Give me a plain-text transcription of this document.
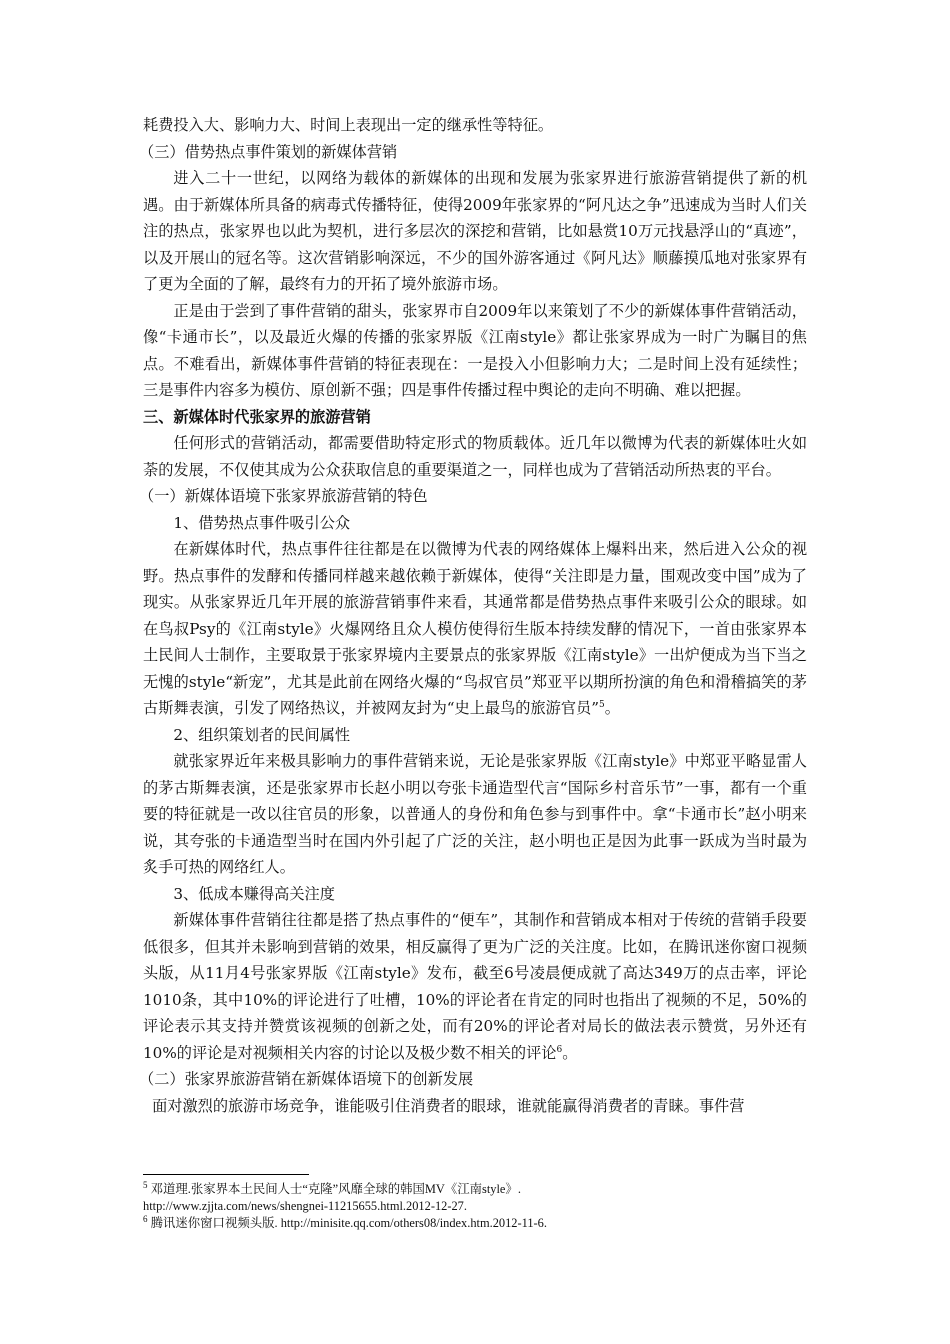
耗费投入大、影响力大、时间上表现出一定的继承性等特征。

（三）借势热点事件策划的新媒体营销

进入二十一世纪，以网络为载体的新媒体的出现和发展为张家界进行旅游营销提供了新的机遇。由于新媒体所具备的病毒式传播特征，使得2009年张家界的“阿凡达之争”迅速成为当时人们关注的热点，张家界也以此为契机，进行多层次的深挖和营销，比如悬赏10万元找悬浮山的“真迹”，以及开展山的冠名等。这次营销影响深远，不少的国外游客通过《阿凡达》顺藤摸瓜地对张家界有了更为全面的了解，最终有力的开拓了境外旅游市场。

正是由于尝到了事件营销的甜头，张家界市自2009年以来策划了不少的新媒体事件营销活动，像“卡通市长”，以及最近火爆的传播的张家界版《江南style》都让张家界成为一时广为瞩目的焦点。不难看出，新媒体事件营销的特征表现在：一是投入小但影响力大；二是时间上没有延续性；三是事件内容多为模仿、原创新不强；四是事件传播过程中舆论的走向不明确、难以把握。

三、新媒体时代张家界的旅游营销

任何形式的营销活动，都需要借助特定形式的物质载体。近几年以微博为代表的新媒体吐火如荼的发展，不仅使其成为公众获取信息的重要渠道之一，同样也成为了营销活动所热衷的平台。

（一）新媒体语境下张家界旅游营销的特色

1、借势热点事件吸引公众

在新媒体时代，热点事件往往都是在以微博为代表的网络媒体上爆料出来，然后进入公众的视野。热点事件的发酵和传播同样越来越依赖于新媒体，使得“关注即是力量，围观改变中国”成为了现实。从张家界近几年开展的旅游营销事件来看，其通常都是借势热点事件来吸引公众的眼球。如在鸟叔Psy的《江南style》火爆网络且众人模仿使得衍生版本持续发酵的情况下，一首由张家界本土民间人士制作，主要取景于张家界境内主要景点的张家界版《江南style》一出炉便成为当下当之无愧的style“新宠”，尤其是此前在网络火爆的“鸟叔官员”郑亚平以期所扮演的角色和滑稽搞笑的茅古斯舞表演，引发了网络热议，并被网友封为“史上最鸟的旅游官员”$^5$。

2、组织策划者的民间属性

就张家界近年来极具影响力的事件营销来说，无论是张家界版《江南style》中郑亚平略显雷人的茅古斯舞表演，还是张家界市长赵小明以夸张卡通造型代言“国际乡村音乐节”一事，都有一个重要的特征就是一改以往官员的形象，以普通人的身份和角色参与到事件中。拿“卡通市长”赵小明来说，其夸张的卡通造型当时在国内外引起了广泛的关注，赵小明也正是因为此事一跃成为当时最为炙手可热的网络红人。

3、低成本赚得高关注度

新媒体事件营销往往都是搭了热点事件的“便车”，其制作和营销成本相对于传统的营销手段要低很多，但其并未影响到营销的效果，相反赢得了更为广泛的关注度。比如，在腾讯迷你窗口视频头版，从11月4号张家界版《江南style》发布，截至6号凌晨便成就了高达349万的点击率，评论1010条，其中10%的评论进行了吐槽，10%的评论者在肯定的同时也指出了视频的不足，50%的评论表示其支持并赞赏该视频的创新之处，而有20%的评论者对局长的做法表示赞赏，另外还有10%的评论是对视频相关内容的讨论以及极少数不相关的评论$^6$。

（二）张家界旅游营销在新媒体语境下的创新发展

面对激烈的旅游市场竞争，谁能吸引住消费者的眼球，谁就能赢得消费者的青睐。事件营

$^5$ 邓道理.张家界本土民间人士“克隆”风靡全球的韩国MV《江南style》.
http://www.zjjta.com/news/shengnei-11215655.html.2012-12-27.
$^6$ 腾讯迷你窗口视频头版. http://minisite.qq.com/others08/index.htm.2012-11-6.
